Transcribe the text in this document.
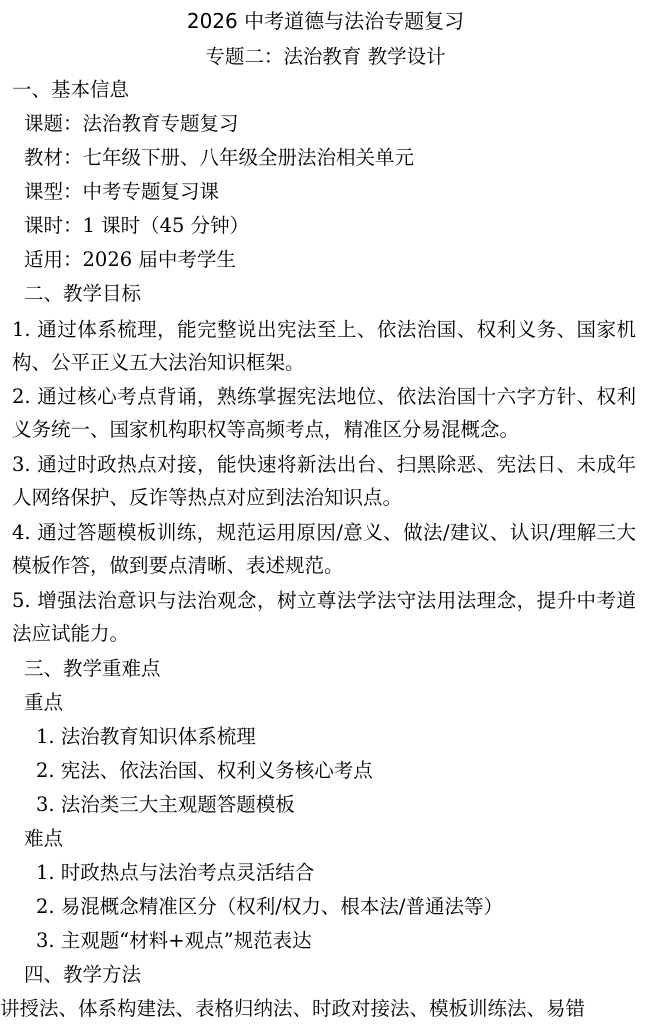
2026 中考道德与法治专题复习
专题二：法治教育 教学设计
一、基本信息
课题：法治教育专题复习
教材：七年级下册、八年级全册法治相关单元
课型：中考专题复习课
课时：1 课时（45 分钟）
适用：2026 届中考学生
二、教学目标
1. 通过体系梳理，能完整说出宪法至上、依法治国、权利义务、国家机构、公平正义五大法治知识框架。
2. 通过核心考点背诵，熟练掌握宪法地位、依法治国十六字方针、权利义务统一、国家机构职权等高频考点，精准区分易混概念。
3. 通过时政热点对接，能快速将新法出台、扫黑除恶、宪法日、未成年人网络保护、反诈等热点对应到法治知识点。
4. 通过答题模板训练，规范运用原因/意义、做法/建议、认识/理解三大模板作答，做到要点清晰、表述规范。
5. 增强法治意识与法治观念，树立尊法学法守法用法理念，提升中考道法应试能力。
三、教学重难点
重点
1. 法治教育知识体系梳理
2. 宪法、依法治国、权利义务核心考点
3. 法治类三大主观题答题模板
难点
1. 时政热点与法治考点灵活结合
2. 易混概念精准区分（权利/权力、根本法/普通法等）
3. 主观题“材料+观点”规范表达
四、教学方法
讲授法、体系构建法、表格归纳法、时政对接法、模板训练法、易错
